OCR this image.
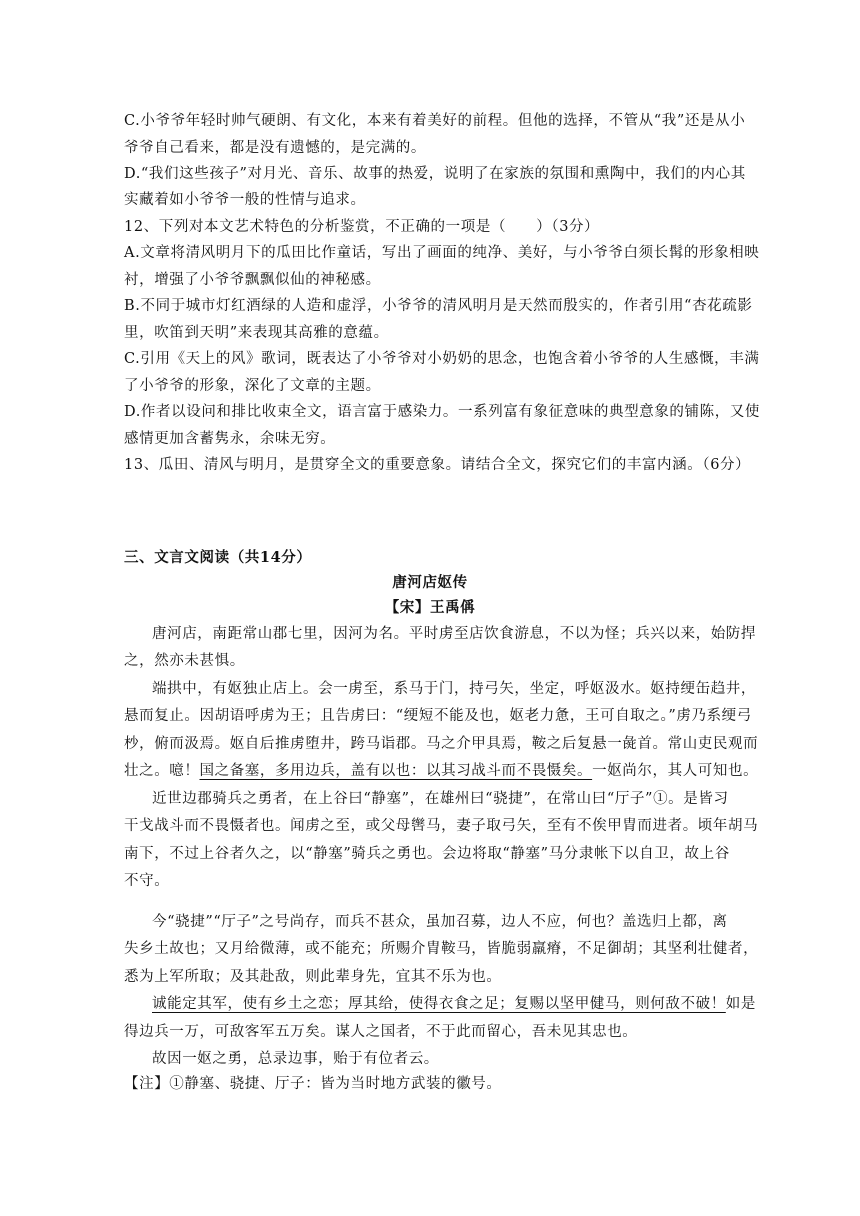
C.小爷爷年轻时帅气硬朗、有文化，本来有着美好的前程。但他的选择，不管从“我”还是从小
爷爷自己看来，都是没有遗憾的，是完满的。
D.“我们这些孩子”对月光、音乐、故事的热爱，说明了在家族的氛围和熏陶中，我们的内心其
实藏着如小爷爷一般的性情与追求。
12、下列对本文艺术特色的分析鉴赏，不正确的一项是（　　）（3分）
A.文章将清风明月下的瓜田比作童话，写出了画面的纯净、美好，与小爷爷白须长髯的形象相映
衬，增强了小爷爷飘飘似仙的神秘感。
B.不同于城市灯红酒绿的人造和虚浮，小爷爷的清风明月是天然而殷实的，作者引用“杏花疏影
里，吹笛到天明”来表现其高雅的意蕴。
C.引用《天上的风》歌词，既表达了小爷爷对小奶奶的思念，也饱含着小爷爷的人生感慨，丰满
了小爷爷的形象，深化了文章的主题。
D.作者以设问和排比收束全文，语言富于感染力。一系列富有象征意味的典型意象的铺陈，又使
感情更加含蓄隽永，余味无穷。
13、瓜田、清风与明月，是贯穿全文的重要意象。请结合全文，探究它们的丰富内涵。（6分）
三、文言文阅读（共14分）
唐河店妪传
【宋】王禹偁
唐河店，南距常山郡七里，因河为名。平时虏至店饮食游息，不以为怪；兵兴以来，始防捍
之，然亦未甚惧。
端拱中，有妪独止店上。会一虏至，系马于门，持弓矢，坐定，呼妪汲水。妪持绠缶趋井，
悬而复止。因胡语呼虏为王；且告虏曰：“绠短不能及也，妪老力惫，王可自取之。”虏乃系绠弓
杪，俯而汲焉。妪自后推虏堕井，跨马诣郡。马之介甲具焉，鞍之后复悬一彘首。常山吏民观而
壮之。噫！国之备塞，多用边兵，盖有以也：以其习战斗而不畏慑矣。一妪尚尔，其人可知也。
近世边郡骑兵之勇者，在上谷曰“静塞”，在雄州曰“骁捷”，在常山曰“厅子”①。是皆习
干戈战斗而不畏慑者也。闻虏之至，或父母辔马，妻子取弓矢，至有不俟甲胄而进者。顷年胡马
南下，不过上谷者久之，以“静塞”骑兵之勇也。会边将取“静塞”马分隶帐下以自卫，故上谷
不守。
今“骁捷”“厅子”之号尚存，而兵不甚众，虽加召募，边人不应，何也？盖选归上都，离
失乡土故也；又月给微薄，或不能充；所赐介胄鞍马，皆脆弱羸瘠，不足御胡；其坚利壮健者，
悉为上军所取；及其赴敌，则此辈身先，宜其不乐为也。
诚能定其军，使有乡土之恋；厚其给，使得衣食之足；复赐以坚甲健马，则何敌不破！如是
得边兵一万，可敌客军五万矣。谋人之国者，不于此而留心，吾未见其忠也。
故因一妪之勇，总录边事，贻于有位者云。
【注】①静塞、骁捷、厅子：皆为当时地方武装的徽号。
